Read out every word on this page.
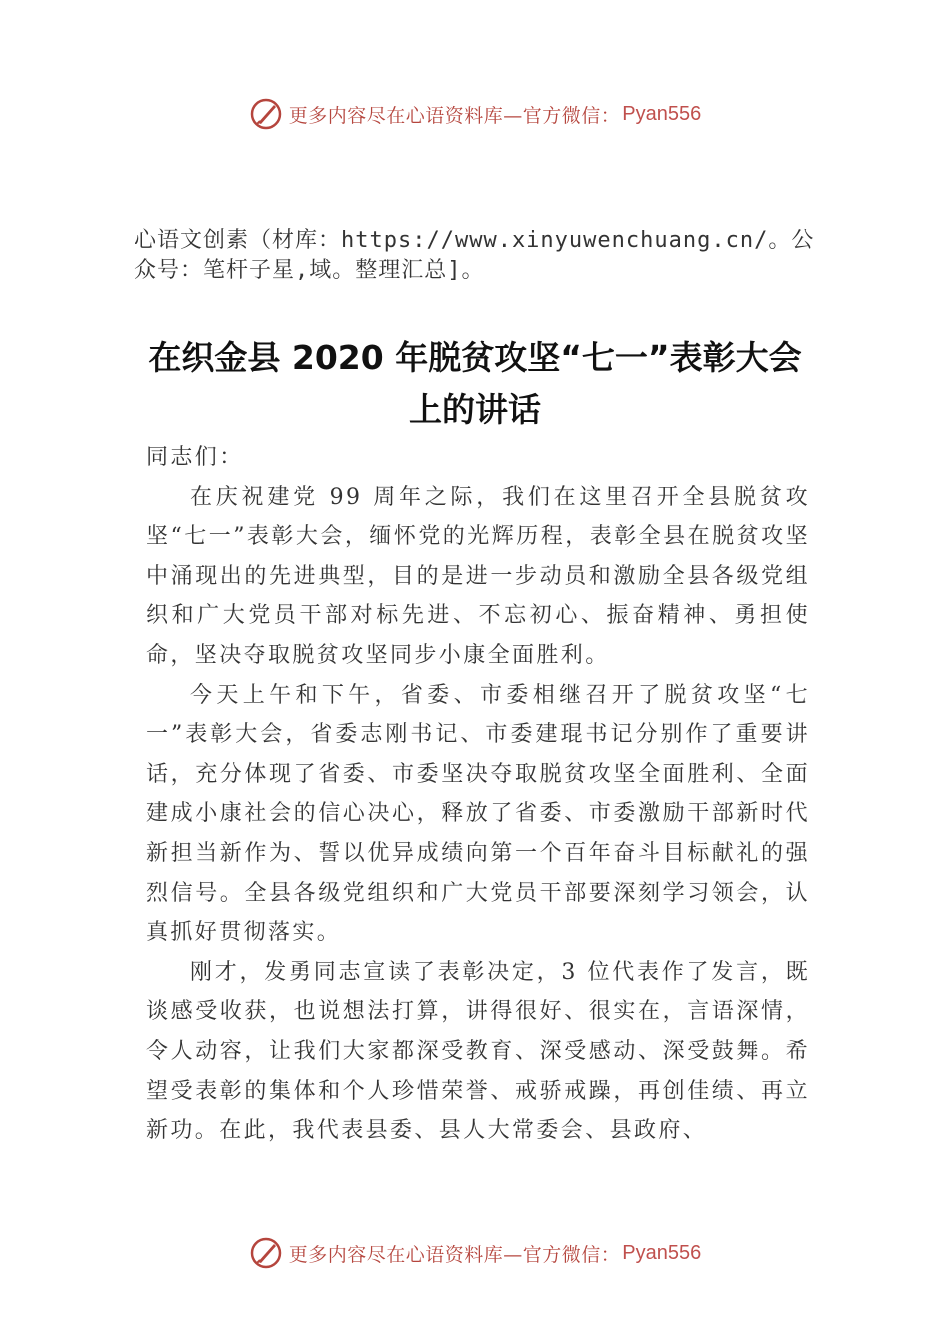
更多内容尽在心语资料库—官方微信： Pyan556
心语文创素（材库：https://www.xinyuwenchuang.cn/。公众号：笔杆子星,域。整理汇总]。
在织金县 2020 年脱贫攻坚“七一”表彰大会上的讲话

同志们：

在庆祝建党 99 周年之际，我们在这里召开全县脱贫攻坚“七一”表彰大会，缅怀党的光辉历程，表彰全县在脱贫攻坚中涌现出的先进典型，目的是进一步动员和激励全县各级党组织和广大党员干部对标先进、不忘初心、振奋精神、勇担使命，坚决夺取脱贫攻坚同步小康全面胜利。

今天上午和下午，省委、市委相继召开了脱贫攻坚“七一”表彰大会，省委志刚书记、市委建琨书记分别作了重要讲话，充分体现了省委、市委坚决夺取脱贫攻坚全面胜利、全面建成小康社会的信心决心，释放了省委、市委激励干部新时代新担当新作为、誓以优异成绩向第一个百年奋斗目标献礼的强烈信号。全县各级党组织和广大党员干部要深刻学习领会，认真抓好贯彻落实。

刚才，发勇同志宣读了表彰决定，3 位代表作了发言，既谈感受收获，也说想法打算，讲得很好、很实在，言语深情，令人动容，让我们大家都深受教育、深受感动、深受鼓舞。希望受表彰的集体和个人珍惜荣誉、戒骄戒躁，再创佳绩、再立新功。在此，我代表县委、县人大常委会、县政府、

更多内容尽在心语资料库—官方微信： Pyan556
